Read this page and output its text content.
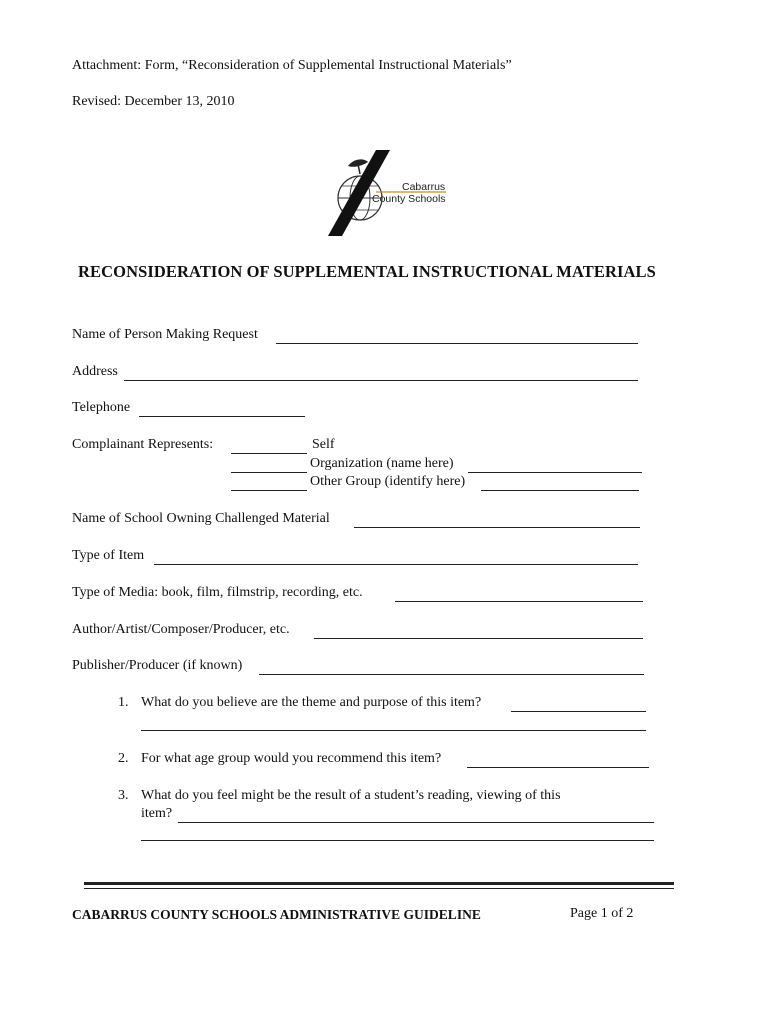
Attachment: Form, “Reconsideration of Supplemental Instructional Materials”
Revised: December 13, 2010
Cabarrus
County Schools
RECONSIDERATION OF SUPPLEMENTAL INSTRUCTIONAL MATERIALS
Name of Person Making Request
Address
Telephone
Complainant Represents:	Self
Organization (name here)
Other Group (identify here)
Name of School Owning Challenged Material
Type of Item
Type of Media: book, film, filmstrip, recording, etc.
Author/Artist/Composer/Producer, etc.
Publisher/Producer (if known)
1. What do you believe are the theme and purpose of this item?
2. For what age group would you recommend this item?
3. What do you feel might be the result of a student’s reading, viewing of this
item?
CABARRUS COUNTY SCHOOLS ADMINISTRATIVE GUIDELINE	Page 1 of 2
